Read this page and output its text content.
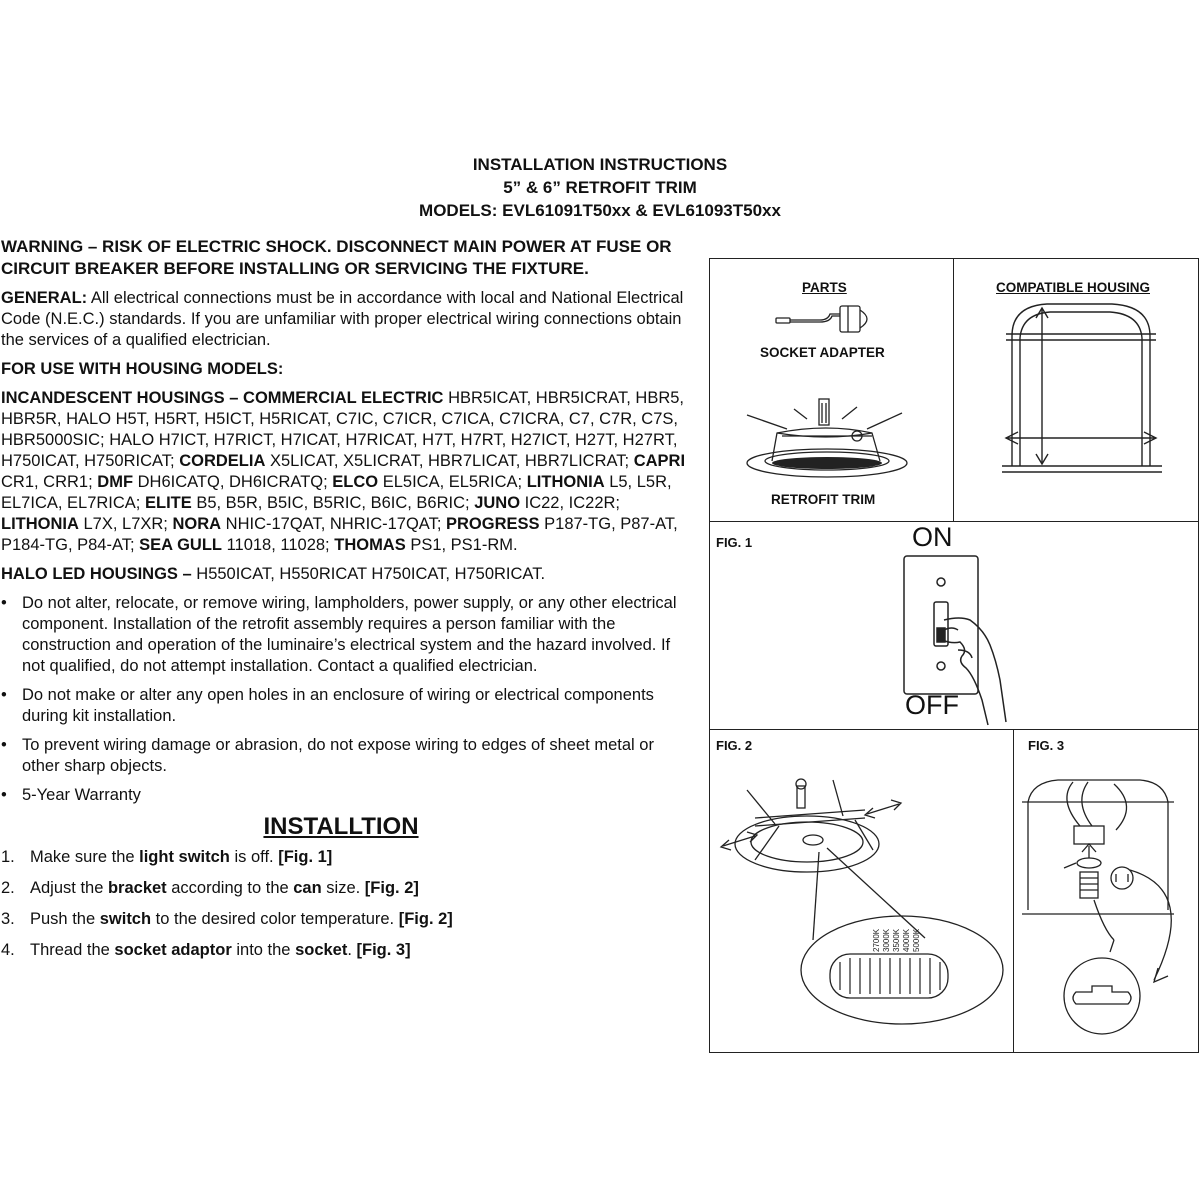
INSTALLATION INSTRUCTIONS
5” & 6” RETROFIT TRIM
MODELS: EVL61091T50xx & EVL61093T50xx

WARNING – RISK OF ELECTRIC SHOCK. DISCONNECT MAIN POWER AT FUSE OR CIRCUIT BREAKER BEFORE INSTALLING OR SERVICING THE FIXTURE.

GENERAL: All electrical connections must be in accordance with local and National Electrical Code (N.E.C.) standards. If you are unfamiliar with proper electrical wiring connections obtain the services of a qualified electrician.

FOR USE WITH HOUSING MODELS:

INCANDESCENT HOUSINGS – COMMERCIAL ELECTRIC HBR5ICAT, HBR5ICRAT, HBR5, HBR5R, HALO H5T, H5RT, H5ICT, H5RICAT, C7IC, C7ICR, C7ICA, C7ICRA, C7, C7R, C7S, HBR5000SIC; HALO H7ICT, H7RICT, H7ICAT, H7RICAT, H7T, H7RT, H27ICT, H27T, H27RT, H750ICAT, H750RICAT; CORDELIA X5LICAT, X5LICRAT, HBR7LICAT, HBR7LICRAT; CAPRI CR1, CRR1; DMF DH6ICATQ, DH6ICRATQ; ELCO EL5ICA, EL5RICA; LITHONIA L5, L5R, EL7ICA, EL7RICA; ELITE B5, B5R, B5IC, B5RIC, B6IC, B6RIC; JUNO IC22, IC22R; LITHONIA L7X, L7XR; NORA NHIC-17QAT, NHRIC-17QAT; PROGRESS P187-TG, P87-AT, P184-TG, P84-AT; SEA GULL 11018, 11028; THOMAS PS1, PS1-RM.

HALO LED HOUSINGS – H550ICAT, H550RICAT H750ICAT, H750RICAT.

• Do not alter, relocate, or remove wiring, lampholders, power supply, or any other electrical component. Installation of the retrofit assembly requires a person familiar with the construction and operation of the luminaire’s electrical system and the hazard involved. If not qualified, do not attempt installation. Contact a qualified electrician.

• Do not make or alter any open holes in an enclosure of wiring or electrical components during kit installation.

• To prevent wiring damage or abrasion, do not expose wiring to edges of sheet metal or other sharp objects.

• 5-Year Warranty

INSTALLTION

1. Make sure the light switch is off. [Fig. 1]

2. Adjust the bracket according to the can size. [Fig. 2]

3. Push the switch to the desired color temperature. [Fig. 2]

4. Thread the socket adaptor into the socket. [Fig. 3]

PARTS
SOCKET ADAPTER
RETROFIT TRIM
COMPATIBLE HOUSING
FIG. 1
FIG. 2	FIG. 3
ON
OFF
2700K 3000K 3500K 4000K 5000K
